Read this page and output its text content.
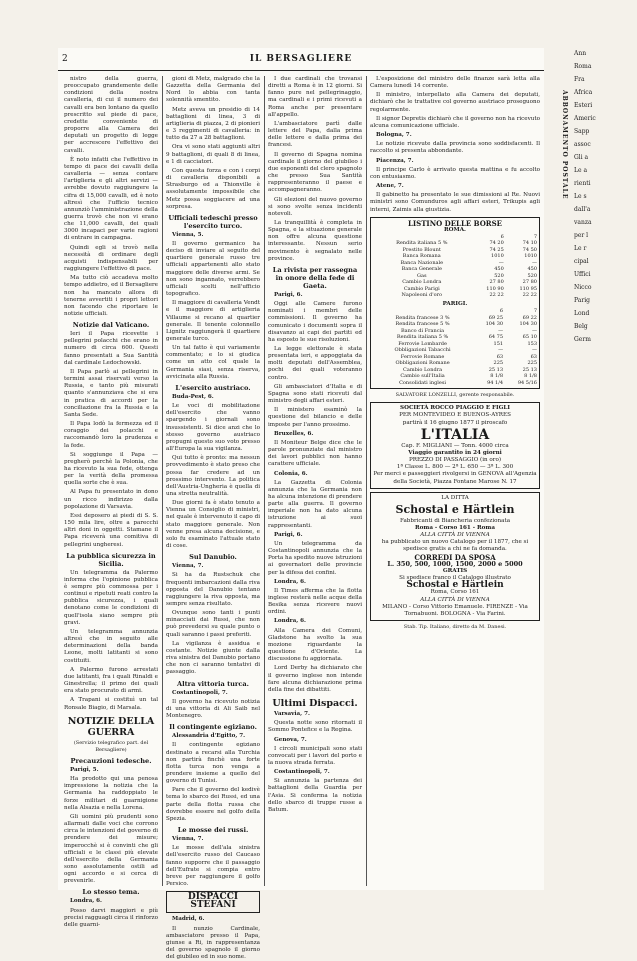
2	IL BERSAGLIERE

nistro della guerra, preoccupato grandemente delle condizioni della nostra cavalleria, di cui il numero dei cavalli era ben lontano da quello prescritto sul piede di pace, credette conveniente di proporre alla Camera dei deputati un progetto di legge per accrescere l'effettivo dei cavalli.

È noto infatti che l'effettivo in tempo di pace dei cavalli della cavalleria — senza contare l'artiglieria e gli altri servizi — avrebbe dovuto raggiungere la cifra di 15,000 cavalli, ed è noto altresì che l'ufficio tecnico annunziò l'amministrazione della guerra trovò che non vi erano che 11,000 cavalli, dei quali 3000 incapaci per varie ragioni di entrare in campagna.

Quindi egli si trovò nella necessità di ordinare degli acquisti indispensabili per raggiungere l'effettivo di pace.

Ma tutto ciò accadeva molto tempo addietro, ed il Bersagliere non ha mancato allora di tenerne avvertiti i propri lettori non facendo che riportare le notizie ufficiali.

Notizie dal Vaticano.

Ieri il Papa ricevette i pellegrini polacchi che erano in numero di circa 600. Questi fanno presentati a Sua Santità dal cardinale Ledochowski.

Il Papa parlò ai pellegrini in termini assai riservati verso la Russia, e tanto più misurati quanto s'annunziava che si era in pratica di accordi per la conciliazione fra la Russia e la Santa Sede.

Il Papa lodò la fermezza ed il coraggio dei polacchi e raccomandò loro la prudenza e la fede.

Si soggiunge il Papa — pregherò perchè la Polonia, che ha ricevuto la sua fede, ottenga per la verità della promessa quella sorte che è sua.

Al Papa fu presentato in dono un ricco indirizzo dalla popolazione di Varsavia.

Essi deposero ai piedi di S. S. 150 mila lire, oltre a parecchi altri doni in oggetti. Stamane il Papa riceverà una comitiva di pellegrini ungheresi.

La pubblica sicurezza in Sicilia.

Un telegramma da Palermo informa che l'opinione pubblica è sempre più commossa per i continui e ripetuti reati contro la pubblica sicurezza, i quali denotano come le condizioni di quell'isola siano sempre più gravi.

Un telegramma annunzia altresì che in seguito alle determinazioni della banda Leone, molti latitanti si sono costituiti.

A Palermo furono arrestati due latitanti, fra i quali Rinaldi e Ginestrella; il primo dei quali era stato procurato di armi.

A Trapani si costituì un tal Ronsale Biagio, di Marsala.

NOTIZIE DELLA GUERRA
(Servizio telegrafico part. del Bersagliere)
Precauzioni tedesche.

Parigi, 5.

Ha prodotto qui una penosa impressione la notizia che la Germania ha raddoppiato le forze militari di guarnigione nella Alsazia e nella Lorena.

Gli uomini più prudenti sono allarmati dalle voci che corrono circa le intenzioni del governo di prendere dei misure; imperocchè si è convinti che gli ufficiali e le classi più elevate dell'esercito della Germania sono assolutamente ostili ad ogni accordo e si cerca di prevenirle.

Lo stesso tema.

Londra, 6.

Posso darvi maggiori e più precisi ragguagli circa il rinforzo delle guarni-

gioni di Metz, malgrado che la Gazzetta della Germania del Nord lo abbia con tanta solennità smentito.

Metz aveva un presidio di 14 battaglioni di linea, 3 di artiglieria di piazza, 2 di pionieri e 3 reggimenti di cavalleria: in tutto da 27 a 28 battaglioni.

Ora vi sono stati aggiunti altri 9 battaglioni, di quali 8 di linea, e 1 di cacciatori.

Con questa forza e con i corpi di cavalleria disponibili a Strasburgo ed a Thionville è assolutamente impossibile che Metz possa soggiacere ad una sorpresa.

Ufficiali tedeschi presso l'esercito turco.

Vienna, 5.

Il governo germanico ha deciso di inviare al seguito del quartiere generale russo tre ufficiali appartenenti allo stato maggiore delle diverse armi. Se non sono ingannato, verrebbero ufficiali scelti nell'ufficio topografico.

Il maggiore di cavalleria Vendt e il maggiore di artiglieria Villaume si recano al quartier generale. Il tenente colonnello Lignitz raggiungerà il quartiere generale turco.

Un tal fatto è qui variamente commentato; e lo si giudica come un atto col quale la Germania siasi, senza riserva, avvicinata alla Russia.

L'esercito austriaco.

Buda-Pest, 6.

Le voci di mobilitazione dell'esercito che vanno spargendo i giornali sono insussistenti. Si dice anzi che lo stesso governo austriaco propugni questo suo voto presso all'Europa la sua vigilanza.

Qui tutto è pronto: ma nessun provvedimento è stato preso che possa far credere ad un prossimo intervento. La politica dell'Austria-Ungheria è quella di una stretta neutralità.

Due giorni fa è stato tenuto a Vienna un Consiglio di ministri, nel quale è intervenuto il capo di stato maggiore generale. Non venne presa alcuna decisione, e solo fu esaminato l'attuale stato di cose.

Sul Danubio.

Vienna, 7.

Si ha da Rustschuk che frequenti imbarcazioni dalla riva opposta del Danubio tentano raggiungere la riva opposta, ma sempre senza risultato.

Ovunque sono tanti i punti minacciati dai Russi, che non può prevedersi su quale punto o quali saranno i passi preferiti.

La vigilanza è assidua e costante. Notizie giunte dalla riva sinistra del Danubio portano che non ci saranno tentativi di passaggio.

Altra vittoria turca.

Costantinopoli, 7.

Il governo ha ricevuto notizia di una vittoria di Ali Saib nel Montenegro.

Il contingente egiziano.

Alessandria d'Egitto, 7.

Il contingente egiziano destinato a recarsi alla Turchia non partirà finchè una forte flotta turca non venga a prendere insieme a quello del governo di Tunisi.

Pare che il governo del kedivè tema lo sbarco dei Russi, ed una parte della flotta russa che dovrebbe essere nel golfo della Spezia.

Le mosse dei russi.

Vienna, 7.

Le mosse dell'ala sinistra dell'esercito russo del Caucaso fanno supporre che il passaggio dell'Eufrate si compia entro breve per raggiungere il golfo Persico.

DISPACCI STEFANI

Madrid, 6.

Il nunzio Cardinale, ambasciatore presso il Papa, giunse a Ri, in rappresentanza del governo spagnolo il giorno del giubileo ed in suo nome.

I due cardinali che trovansi diretti a Roma è in 12 giorni. Si fanno pure nel pellegrinaggio, ma cardinali e i primi ricevuti a Roma anche per presentare all'appello.

L'ambasciatore partì dalle lettere del Papa, dalla prima delle lettere e dalla prima dei francesi.

Il governo di Spagna nomina cardinale il giorno del giubileo i due esponenti del clero spagnolo che presso Sua Santità rappresenteranno il paese e accompagneranno.

Gli elezioni del nuovo governo si sono svolte senza incidenti notevoli.

La tranquillità è completa in Spagna, e la situazione generale non offre alcuna questione interessante. Nessun serio movimento è segnalato nelle province.

La rivista per rassegna in onore della fede di Gaeta.

Parigi, 6.

Oggi alle Camere furono nominati i membri delle commissioni. Il governo ha comunicato i documenti sopra il disavanzo ai capi dei partiti ed ha esposto le sue risoluzioni.

La legge elettorale è stata presentata ieri, e appoggiata da molti deputati dell'Assemblea, pochi dei quali voteranno contro.

Gli ambasciatori d'Italia e di Spagna sono stati ricevuti dal ministro degli affari esteri.

Il ministero esaminò la questione del bilancio e delle imposte per l'anno prossimo.

Bruxelles, 6.

Il Moniteur Belge dice che le parole pronunziate dal ministro dei lavori pubblici non hanno carattere ufficiale.

Colonia, 6.

La Gazzetta di Colonia annunzia che la Germania non ha alcuna intenzione di prendere parte alla guerra. Il governo imperiale non ha dato alcuna istruzione ai suoi rappresentanti.

Parigi, 6.

Un telegramma da Costantinopoli annunzia che la Porta ha spedito nuove istruzioni ai governatori delle provincie per la difesa dei confini.

Londra, 6.

Il Times afferma che la flotta inglese resterà nelle acque della Besika senza ricevere nuovi ordini.

Londra, 6.

Alla Camera dei Comuni, Gladstone ha svolto la sua mozione riguardante la questione d'Oriente. La discussione fu aggiornata.

Lord Derby ha dichiarato che il governo inglese non intende fare alcuna dichiarazione prima della fine dei dibattiti.

Ultimi Dispacci.

Varsavia, 7.

Questa notte sono ritornati il Sommo Pontefice e la Regina.

Genova, 7.

I circoli municipali sono stati convocati per i lavori del porto e la nuova strada ferrata.

Costantinopoli, 7.

Si annunzia la partenza dei battaglioni della Guardia per l'Asia. Si conferma la notizia dello sbarco di truppe russe a Batum.

L'esposizione del ministro delle finanze sarà letta alla Camera lunedì 14 corrente.

Il ministro, interpellato alla Camera dei deputati, dichiarò che le trattative col governo austriaco proseguono regolarmente.

Il signor Depretis dichiarò che il governo non ha ricevuto alcuna comunicazione ufficiale.

Bologna, 7.

Le notizie ricevute dalla provincia sono soddisfacenti. Il raccolto si presenta abbondante.

Piacenza, 7.

Il principe Carlo è arrivato questa mattina e fu accolto con entusiasmo.

Atene, 7.

Il gabinetto ha presentato le sue dimissioni al Re. Nuovi ministri sono Comunduros agli affari esteri, Trikupis agli interni, Zaimis alla giustizia.

LISTINO DELLE BORSE
ROMA.
	6	7
Rendita italiana 5 %	74 20	74 10
Prestito Blount	74 25	74 50
Banca Romana	1010	1010
Banca Nazionale	—	—
Banca Generale	450	450
Gas	520	520
Cambio Londra	27 80	27 80
Cambio Parigi	110 90	110 95
Napoleoni d'oro	22 22	22 22
PARIGI.
	6	7
Rendita francese 3 %	69 25	69 22
Rendita francese 5 %	104 30	104 30
Banco di Francia	—	—
Rendita italiana 5 %	64 75	65 10
Ferrovie Lombarde	151	153
Obbligazioni Tabacchi	—	—
Ferrovie Romane	63	63
Obbligazioni Romane	225	225
Cambio Londra	25 13	25 13
Cambio sull'Italia	8 1/8	8 1/8
Consolidati inglesi	94 1/4	94 5/16
SALVATORE LONZELLI, gerente responsabile.
SOCIETÀ ROCCO PIAGGIO E FIGLI
PER MONTEVIDEO E BUENOS-AYRES
partirà il 16 giugno 1877 il piroscafo
L'ITALIA
Cap. F. MIGLIANI — Tonn. 4000 circa
Viaggio garantito in 24 giorni
PREZZO DI PASSAGGIO (in oro)
1ª Classe L. 800 — 2ª L. 650 — 3ª L. 300
Per merci e passeggieri rivolgersi in GENOVA all'Agenzia della Società, Piazza Fontane Marose N. 17
LA DITTA
Schostal e Härtlein
Fabbricanti di Biancheria confezionata
Roma - Corso 161 - Roma
ALLA CITTÀ DI VIENNA
ha pubblicato un nuovo Catalogo per il 1877, che si spedisce gratis a chi ne fa domanda.
CORREDI DA SPOSA
L. 350, 500, 1000, 1500, 2000 e 5000
GRATIS
Si spedisce franco il Catalogo illustrato
Schostal e Härtlein
Roma, Corso 161
ALLA CITTÀ DI VIENNA
MILANO - Corso Vittorio Emanuele. FIRENZE - Via Tornabuoni. BOLOGNA - Via Farini.
Stab. Tip. Italiano, diretto da M. Danesi.
ABBONAMENTO POSTALE
Ann
Roma
Fra
Africa
Esteri
Americ
Sapp
assoc
Gli a
Le a
rienti
Le s
dall'a
vanza
per l
Le r
cipal
Uffici
Nicco
Parig
Lond
Belg
Germ
